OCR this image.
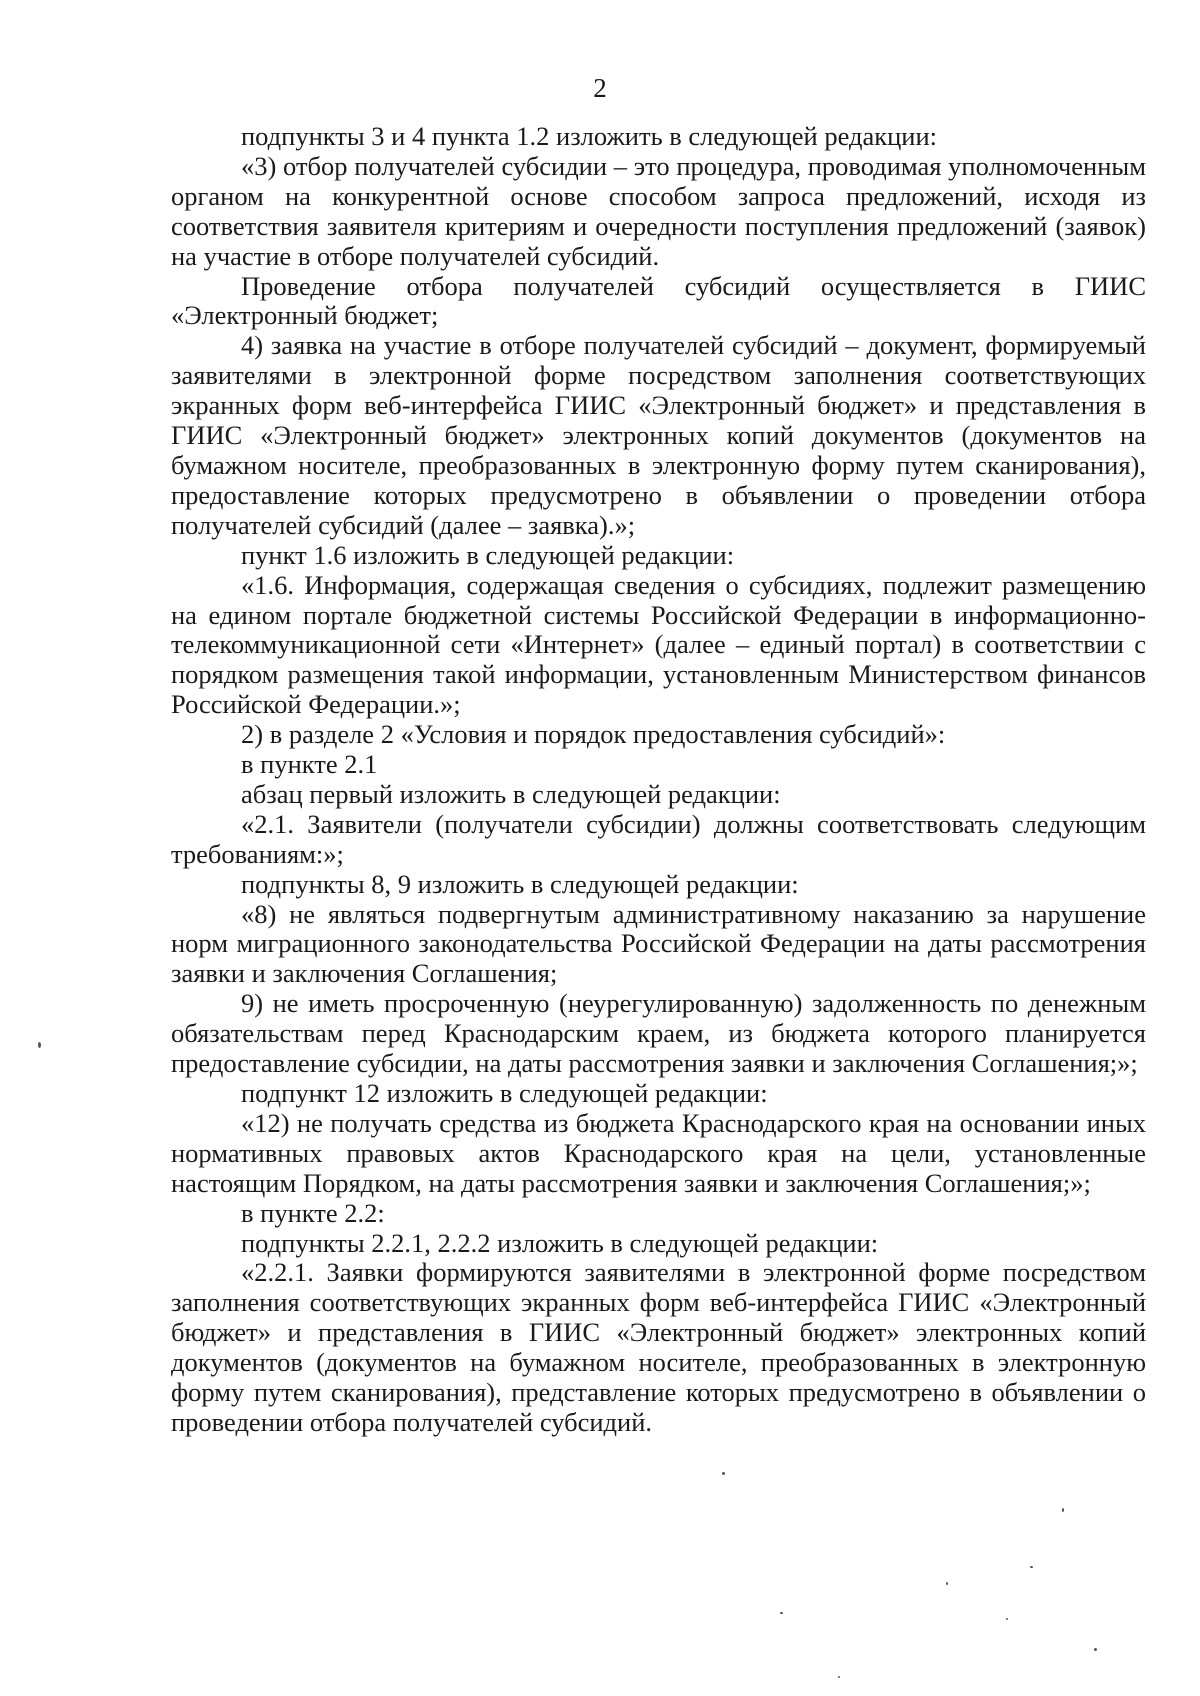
2

подпункты 3 и 4 пункта 1.2 изложить в следующей редакции:

«3) отбор получателей субсидии – это процедура, проводимая уполномоченным органом на конкурентной основе способом запроса предложений, исходя из соответствия заявителя критериям и очередности поступления предложений (заявок) на участие в отборе получателей субсидий.

Проведение отбора получателей субсидий осуществляется в ГИИС «Электронный бюджет;

4) заявка на участие в отборе получателей субсидий – документ, формируемый заявителями в электронной форме посредством заполнения соответствующих экранных форм веб-интерфейса ГИИС «Электронный бюджет» и представления в ГИИС «Электронный бюджет» электронных копий документов (документов на бумажном носителе, преобразованных в электронную форму путем сканирования), предоставление которых предусмотрено в объявлении о проведении отбора получателей субсидий (далее – заявка).»;

пункт 1.6 изложить в следующей редакции:

«1.6. Информация, содержащая сведения о субсидиях, подлежит размещению на едином портале бюджетной системы Российской Федерации в информационно-телекоммуникационной сети «Интернет» (далее – единый портал) в соответствии с порядком размещения такой информации, установленным Министерством финансов Российской Федерации.»;

2) в разделе 2 «Условия и порядок предоставления субсидий»:

в пункте 2.1

абзац первый изложить в следующей редакции:

«2.1. Заявители (получатели субсидии) должны соответствовать следующим требованиям:»;

подпункты 8, 9 изложить в следующей редакции:

«8) не являться подвергнутым административному наказанию за нарушение норм миграционного законодательства Российской Федерации на даты рассмотрения заявки и заключения Соглашения;

9) не иметь просроченную (неурегулированную) задолженность по денежным обязательствам перед Краснодарским краем, из бюджета которого планируется предоставление субсидии, на даты рассмотрения заявки и заключения Соглашения;»;

подпункт 12 изложить в следующей редакции:

«12) не получать средства из бюджета Краснодарского края на основании иных нормативных правовых актов Краснодарского края на цели, установленные настоящим Порядком, на даты рассмотрения заявки и заключения Соглашения;»;

в пункте 2.2:

подпункты 2.2.1, 2.2.2 изложить в следующей редакции:

«2.2.1. Заявки формируются заявителями в электронной форме посредством заполнения соответствующих экранных форм веб-интерфейса ГИИС «Электронный бюджет» и представления в ГИИС «Электронный бюджет» электронных копий документов (документов на бумажном носителе, преобразованных в электронную форму путем сканирования), представление которых предусмотрено в объявлении о проведении отбора получателей субсидий.
